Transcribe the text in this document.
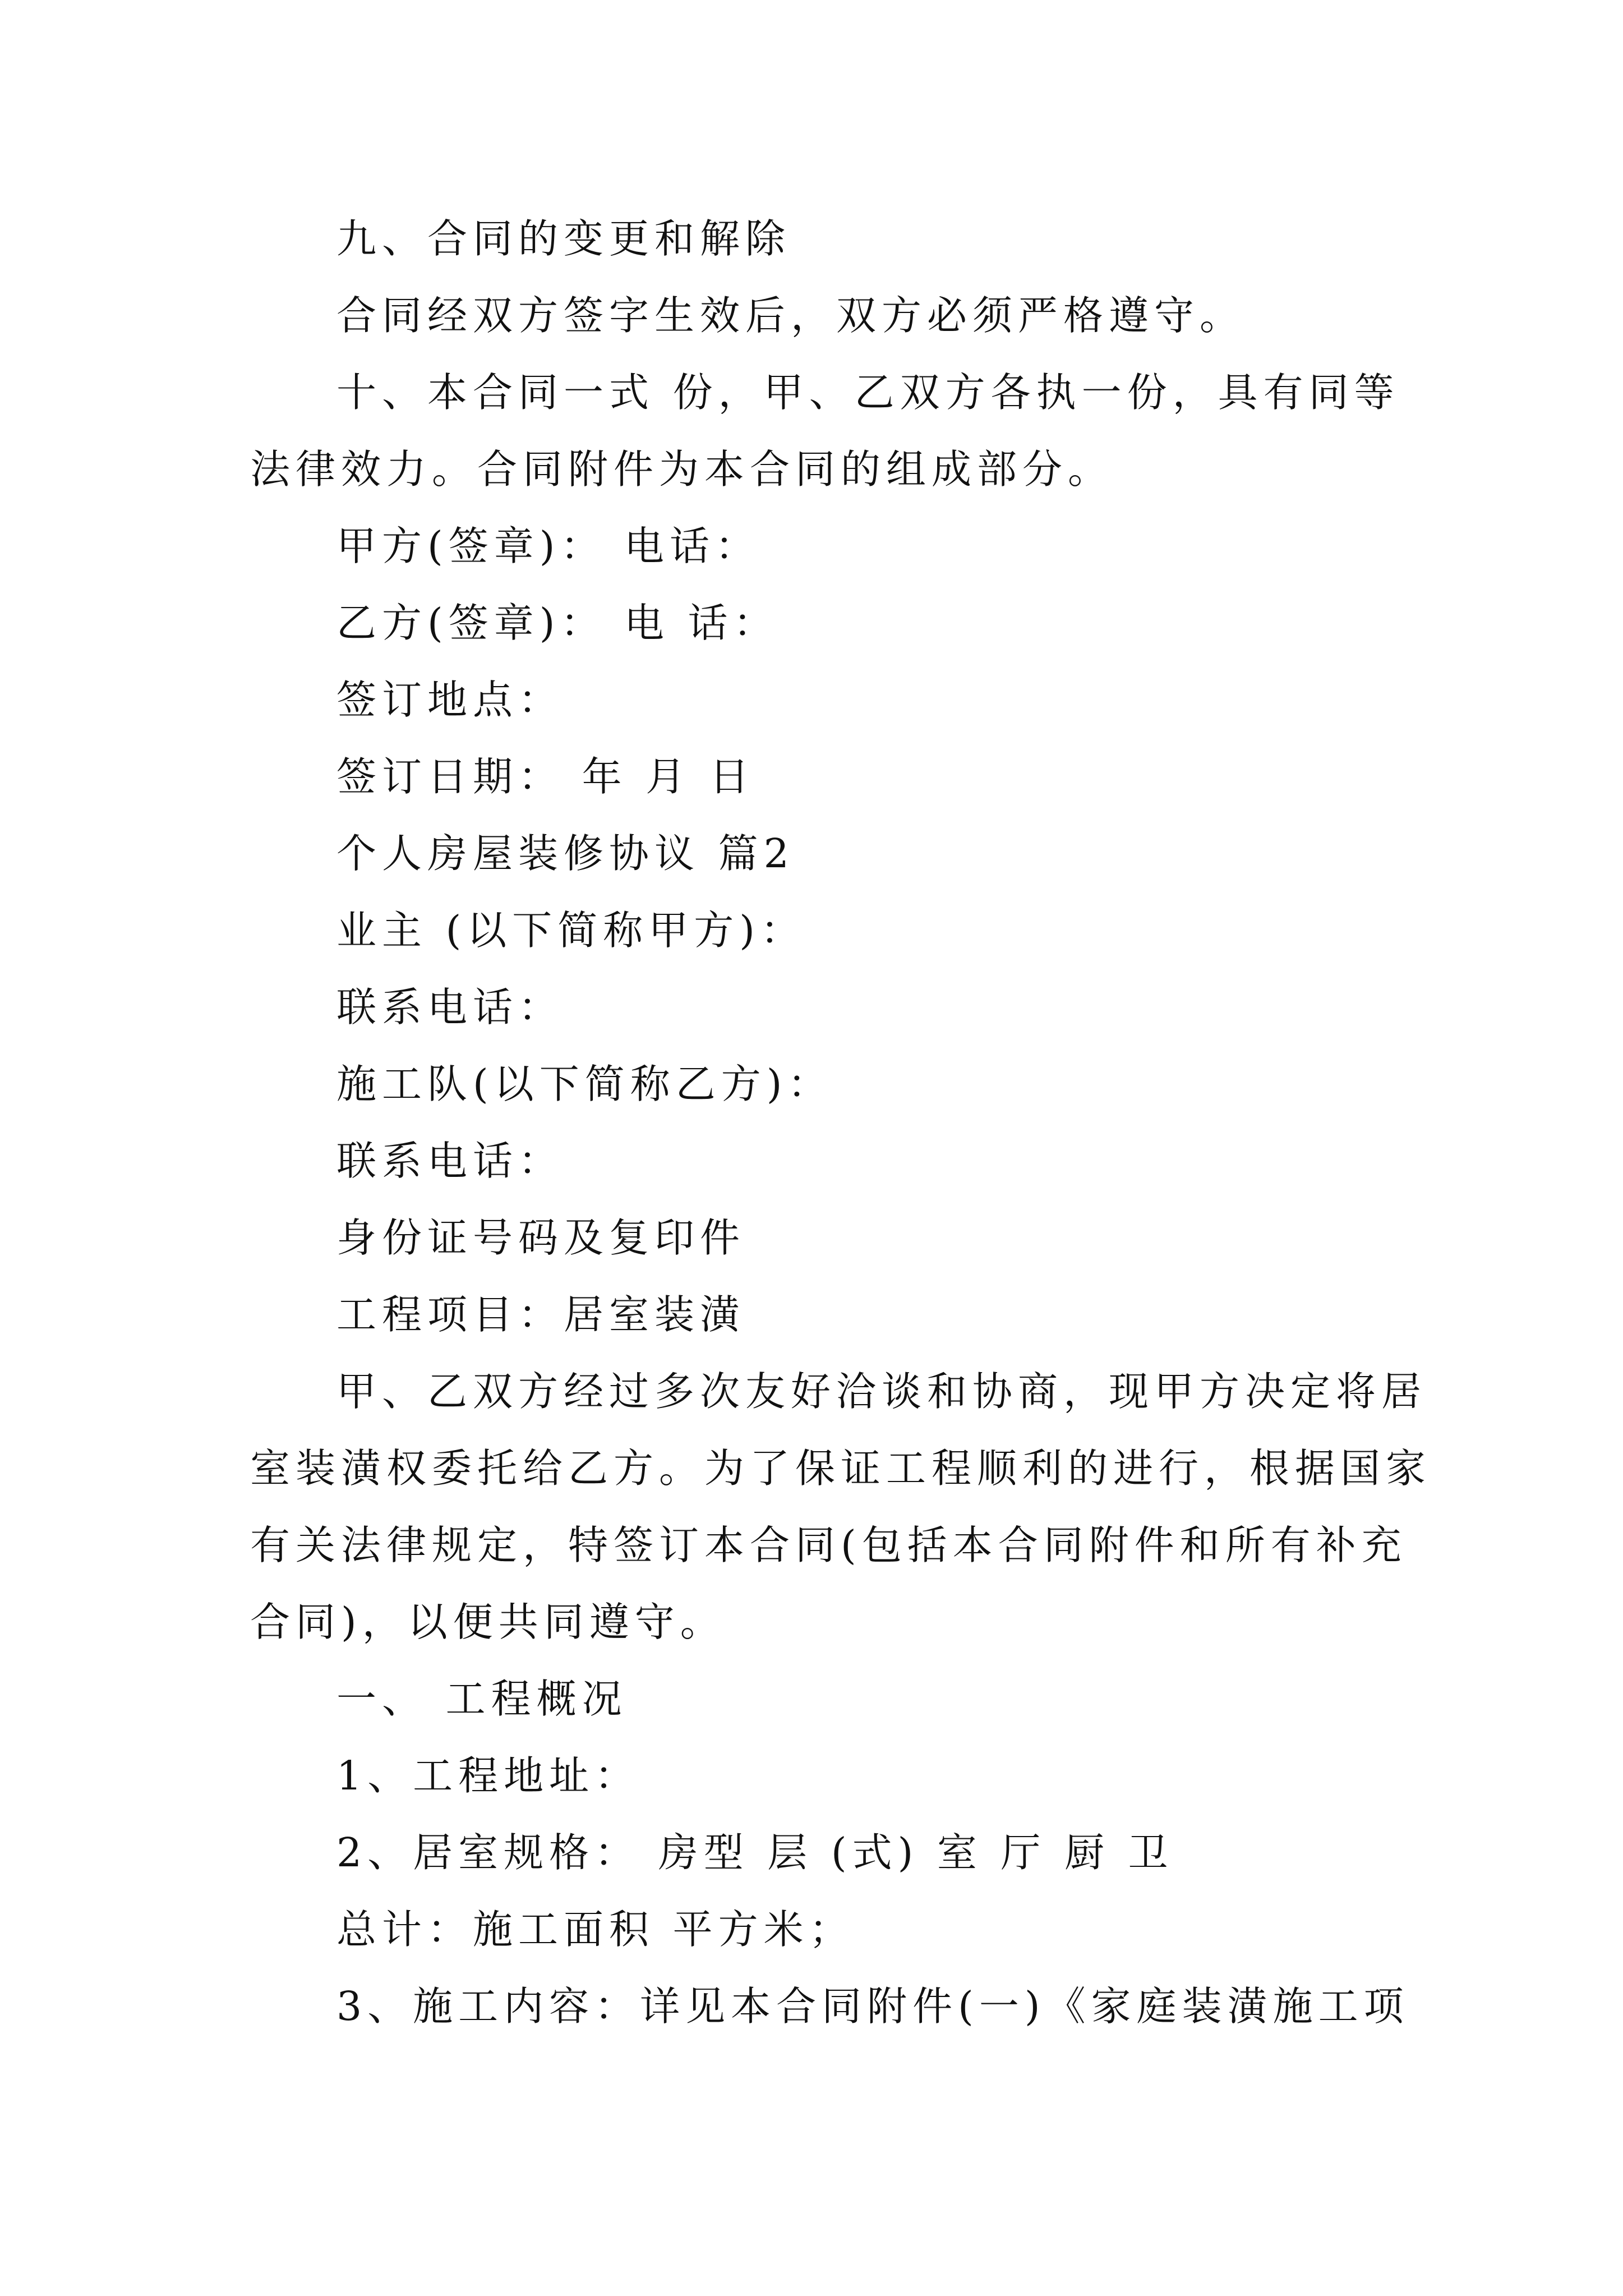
九、合同的变更和解除
合同经双方签字生效后，双方必须严格遵守。
十、本合同一式 份，甲、乙双方各执一份，具有同等
法律效力。合同附件为本合同的组成部分。
甲方(签章)： 电话：
乙方(签章)： 电 话：
签订地点：
签订日期： 年 月 日
个人房屋装修协议 篇2
业主 (以下简称甲方)：
联系电话：
施工队(以下简称乙方)：
联系电话：
身份证号码及复印件
工程项目：居室装潢
甲、乙双方经过多次友好洽谈和协商，现甲方决定将居
室装潢权委托给乙方。为了保证工程顺利的进行，根据国家
有关法律规定，特签订本合同(包括本合同附件和所有补充
合同)，以便共同遵守。
一、 工程概况
1、工程地址：
2、居室规格： 房型 层 (式) 室 厅 厨 卫
总计：施工面积 平方米；
3、施工内容：详见本合同附件(一)《家庭装潢施工项
